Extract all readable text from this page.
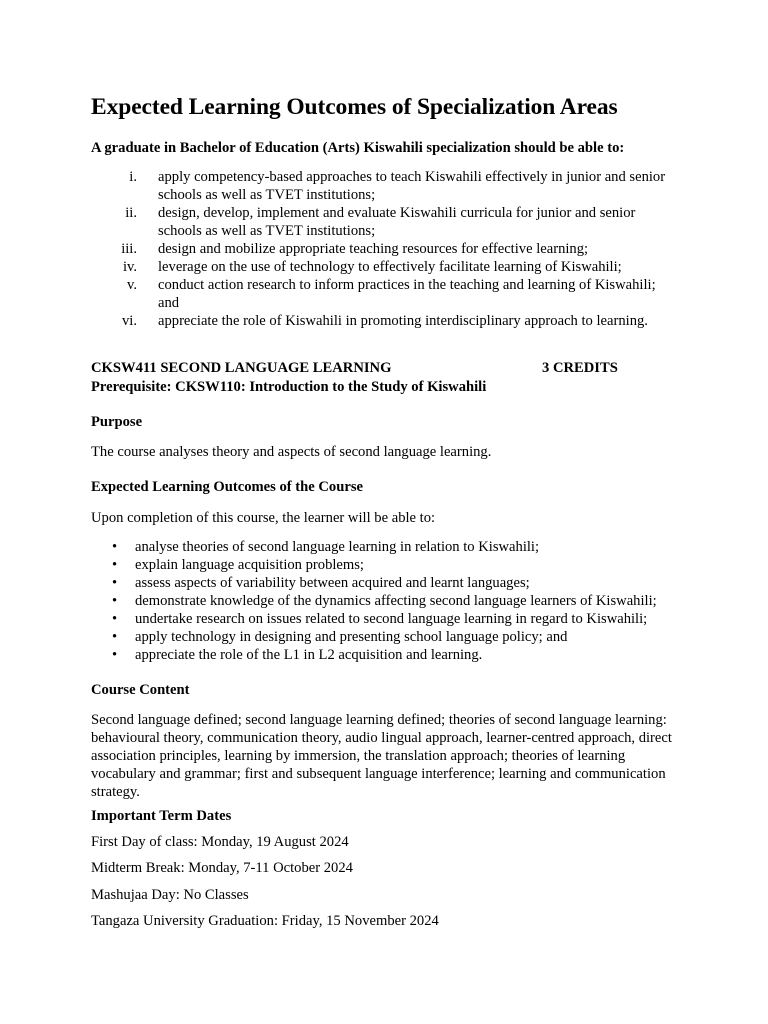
Expected Learning Outcomes of Specialization Areas
A graduate in Bachelor of Education (Arts) Kiswahili specialization should be able to:
i. apply competency-based approaches to teach Kiswahili effectively in junior and senior schools as well as TVET institutions;
ii. design, develop, implement and evaluate Kiswahili curricula for junior and senior schools as well as TVET institutions;
iii. design and mobilize appropriate teaching resources for effective learning;
iv. leverage on the use of technology to effectively facilitate learning of Kiswahili;
v. conduct action research to inform practices in the teaching and learning of Kiswahili; and
vi. appreciate the role of Kiswahili in promoting interdisciplinary approach to learning.
CKSW411 SECOND LANGUAGE LEARNING	3 CREDITS
Prerequisite: CKSW110: Introduction to the Study of Kiswahili
Purpose
The course analyses theory and aspects of second language learning.
Expected Learning Outcomes of the Course
Upon completion of this course, the learner will be able to:
• analyse theories of second language learning in relation to Kiswahili;
• explain language acquisition problems;
• assess aspects of variability between acquired and learnt languages;
• demonstrate knowledge of the dynamics affecting second language learners of Kiswahili;
• undertake research on issues related to second language learning in regard to Kiswahili;
• apply technology in designing and presenting school language policy; and
• appreciate the role of the L1 in L2 acquisition and learning.
Course Content
Second language defined; second language learning defined; theories of second language learning: behavioural theory, communication theory, audio lingual approach, learner-centred approach, direct association principles, learning by immersion, the translation approach; theories of learning vocabulary and grammar; first and subsequent language interference; learning and communication strategy.
Important Term Dates
First Day of class: Monday, 19 August 2024
Midterm Break: Monday, 7-11 October 2024
Mashujaa Day: No Classes
Tangaza University Graduation: Friday, 15 November 2024
